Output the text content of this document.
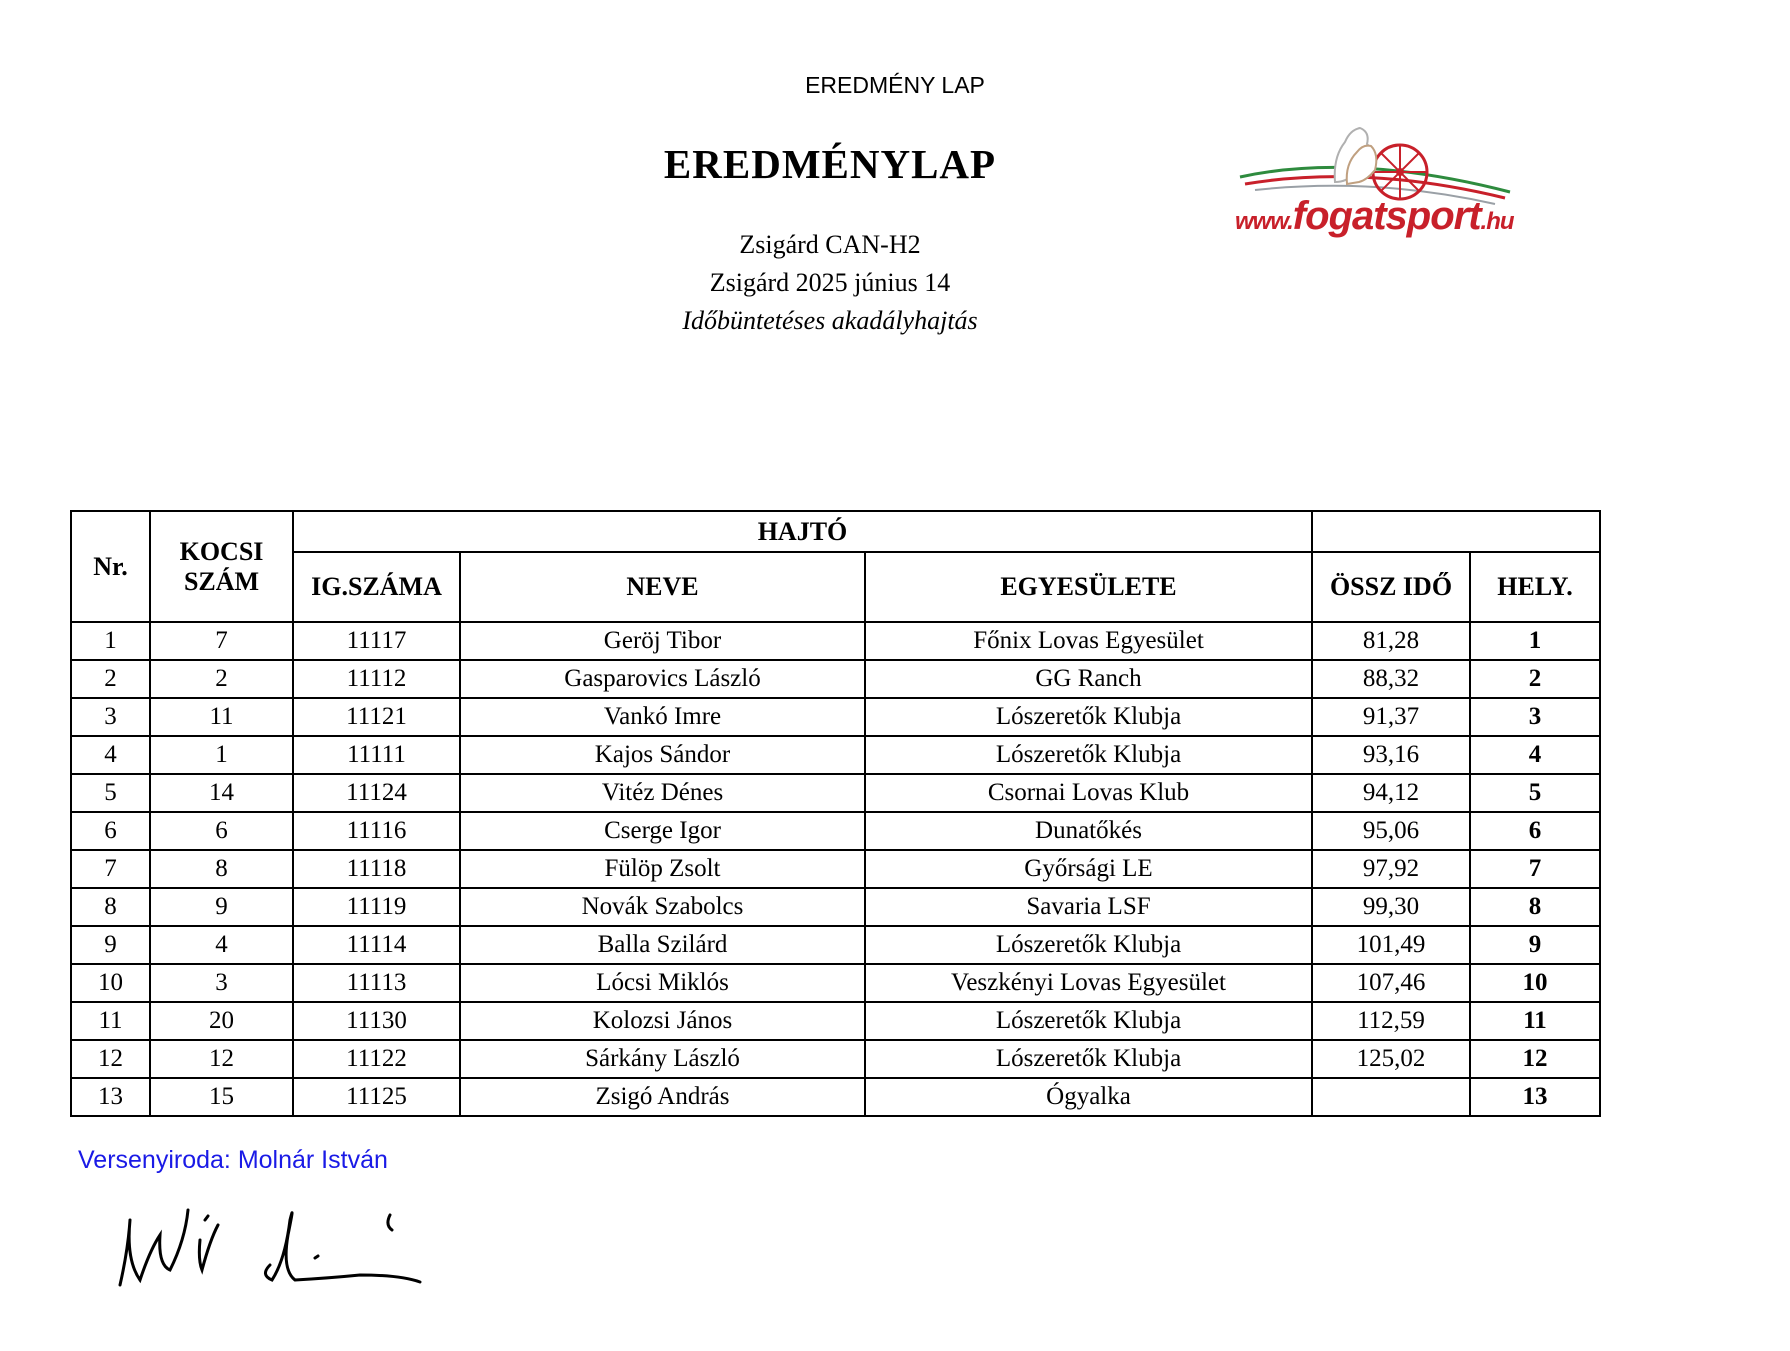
EREDMÉNY LAP
EREDMÉNYLAP
Zsigárd CAN-H2
Zsigárd 2025 június 14
Időbüntetéses akadályhajtás
www.fogatsport.hu
Nr.	KOCSI SZÁM	HAJTÓ				
		IG.SZÁMA	NEVE	EGYESÜLETE	ÖSSZ IDŐ	HELY.
1	7	11117	Geröj Tibor	Főnix Lovas Egyesület	81,28	1
2	2	11112	Gasparovics László	GG Ranch	88,32	2
3	11	11121	Vankó Imre	Lószeretők Klubja	91,37	3
4	1	11111	Kajos Sándor	Lószeretők Klubja	93,16	4
5	14	11124	Vitéz Dénes	Csornai Lovas Klub	94,12	5
6	6	11116	Cserge Igor	Dunatőkés	95,06	6
7	8	11118	Fülöp Zsolt	Győrsági LE	97,92	7
8	9	11119	Novák Szabolcs	Savaria LSF	99,30	8
9	4	11114	Balla Szilárd	Lószeretők Klubja	101,49	9
10	3	11113	Lócsi Miklós	Veszkényi Lovas Egyesület	107,46	10
11	20	11130	Kolozsi János	Lószeretők Klubja	112,59	11
12	12	11122	Sárkány László	Lószeretők Klubja	125,02	12
13	15	11125	Zsigó András	Ógyalka		13
Versenyiroda: Molnár István
